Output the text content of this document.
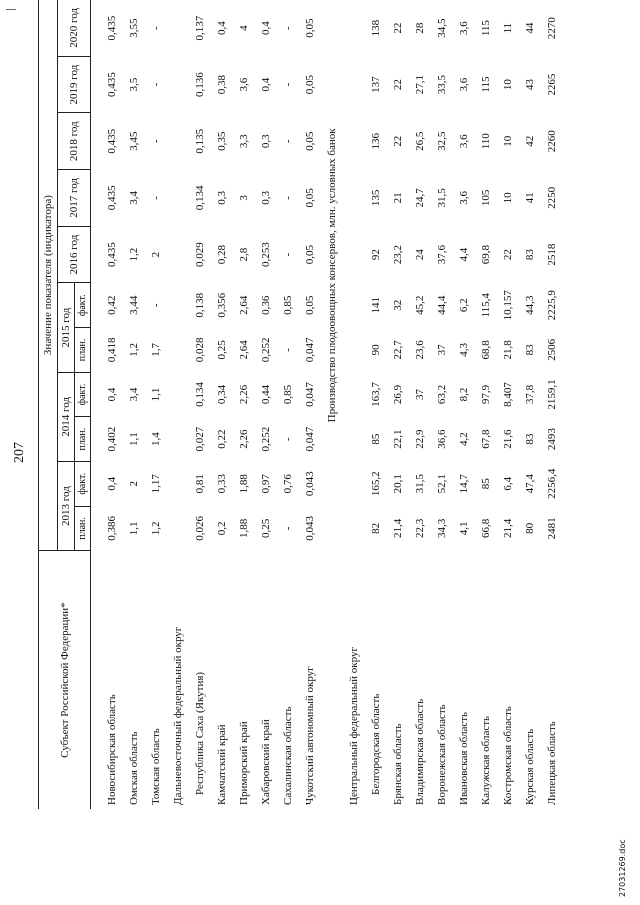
207
Субъект Российской Федерации*	Значение показателя (индикатора)										
	2013 год		2014 год		2015 год		2016 год	2017 год	2018 год	2019 год	2020 год
	план.	факт.	план.	факт.	план.	факт.					

Новосибирская область	0,386	0,4	0,402	0,4	0,418	0,42	0,435	0,435	0,435	0,435	0,435
Омская область	1,1	2	1,1	3,4	1,2	3,44	1,2	3,4	3,45	3,5	3,55
Томская область	1,2	1,17	1,4	1,1	1,7	-	2	-	-	-	-
Дальневосточный федеральный округ											
Республика Саха (Якутия)	0,026	0,81	0,027	0,134	0,028	0,138	0,029	0,134	0,135	0,136	0,137
Камчатский край	0,2	0,33	0,22	0,34	0,25	0,356	0,28	0,3	0,35	0,38	0,4
Приморский край	1,88	1,88	2,26	2,26	2,64	2,64	2,8	3	3,3	3,6	4
Хабаровский край	0,25	0,97	0,252	0,44	0,252	0,36	0,253	0,3	0,3	0,4	0,4
Сахалинская область	-	0,76	-	0,85	-	0,85	-	-	-	-	-
Чукотский автономный округ	0,043	0,043	0,047	0,047	0,047	0,05	0,05	0,05	0,05	0,05	0,05
	Производство плодоовощных консервов, млн. условных банок										
Центральный федеральный округ											
Белгородская область	82	165,2	85	163,7	90	141	92	135	136	137	138
Брянская область	21,4	20,1	22,1	26,9	22,7	32	23,2	21	22	22	22
Владимирская область	22,3	31,5	22,9	37	23,6	45,2	24	24,7	26,5	27,1	28
Воронежская область	34,3	52,1	36,6	63,2	37	44,4	37,6	31,5	32,5	33,5	34,5
Ивановская область	4,1	14,7	4,2	8,2	4,3	6,2	4,4	3,6	3,6	3,6	3,6
Калужская область	66,8	85	67,8	97,9	68,8	115,4	69,8	105	110	115	115
Костромская область	21,4	6,4	21,6	8,407	21,8	10,157	22	10	10	10	11
Курская область	80	47,4	83	37,8	83	44,3	83	41	42	43	44
Липецкая область	2481	2256,4	2493	2159,1	2506	2225,9	2518	2250	2260	2265	2270
27031269.doc
